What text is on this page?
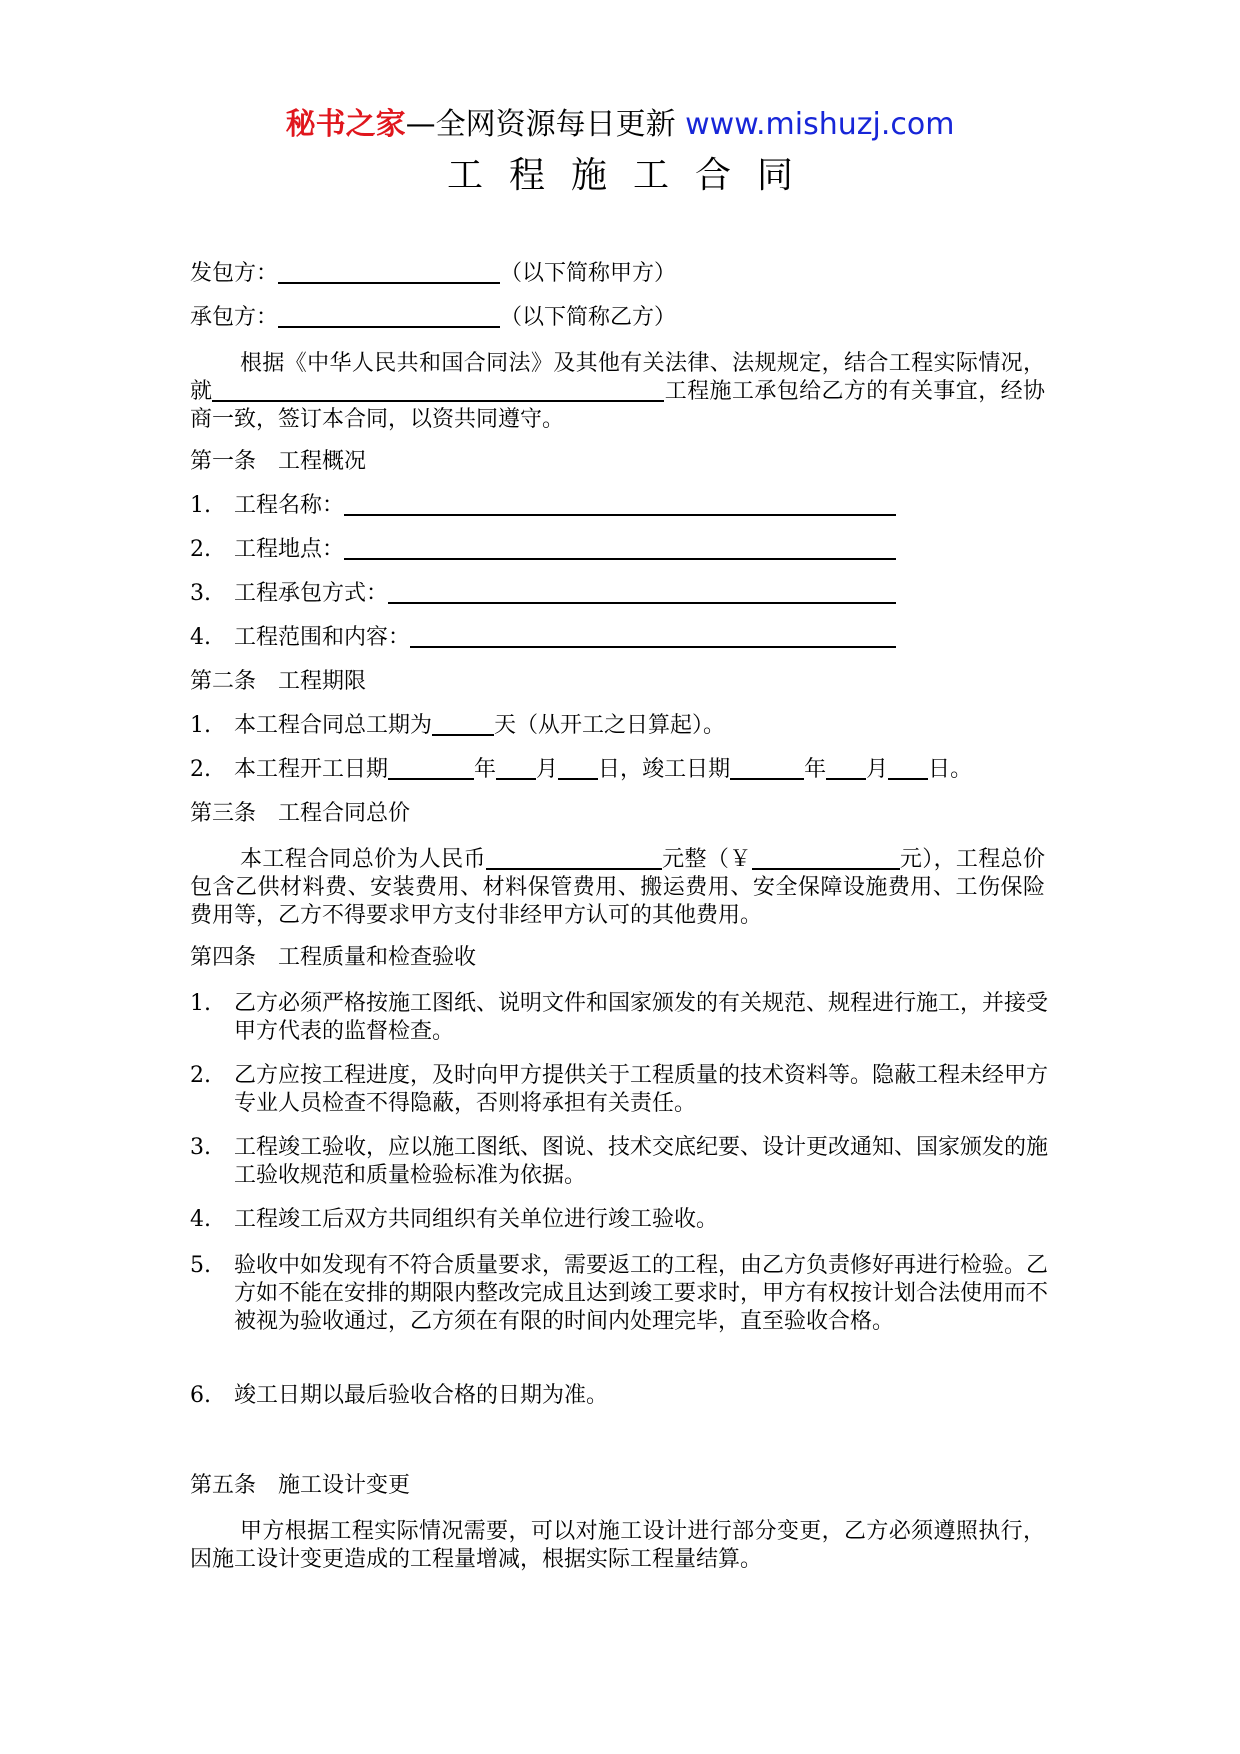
秘书之家—全网资源每日更新 www.mishuzj.com
工程施工合同
发包方：	（以下简称甲方）
承包方：	（以下简称乙方）
根据《中华人民共和国合同法》及其他有关法律、法规规定，结合工程实际情况，就	工程施工承包给乙方的有关事宜，经协商一致，签订本合同，以资共同遵守。
第一条　工程概况
1. 工程名称：
2. 工程地点：
3. 工程承包方式：
4. 工程范围和内容：
第二条　工程期限
1. 本工程合同总工期为	天（从开工之日算起）。
2. 本工程开工日期	年 月 日，竣工日期	年 月 日。
第三条　工程合同总价
本工程合同总价为人民币	元整（￥	元），工程总价包含乙供材料费、安装费用、材料保管费用、搬运费用、安全保障设施费用、工伤保险费用等，乙方不得要求甲方支付非经甲方认可的其他费用。
第四条　工程质量和检查验收
1.	乙方必须严格按施工图纸、说明文件和国家颁发的有关规范、规程进行施工，并接受甲方代表的监督检查。
2.	乙方应按工程进度，及时向甲方提供关于工程质量的技术资料等。隐蔽工程未经甲方专业人员检查不得隐蔽，否则将承担有关责任。
3.	工程竣工验收，应以施工图纸、图说、技术交底纪要、设计更改通知、国家颁发的施工验收规范和质量检验标准为依据。
4.	工程竣工后双方共同组织有关单位进行竣工验收。
5.	验收中如发现有不符合质量要求，需要返工的工程，由乙方负责修好再进行检验。乙方如不能在安排的期限内整改完成且达到竣工要求时，甲方有权按计划合法使用而不被视为验收通过，乙方须在有限的时间内处理完毕，直至验收合格。
6.	竣工日期以最后验收合格的日期为准。
第五条　施工设计变更
甲方根据工程实际情况需要，可以对施工设计进行部分变更，乙方必须遵照执行，因施工设计变更造成的工程量增减，根据实际工程量结算。
